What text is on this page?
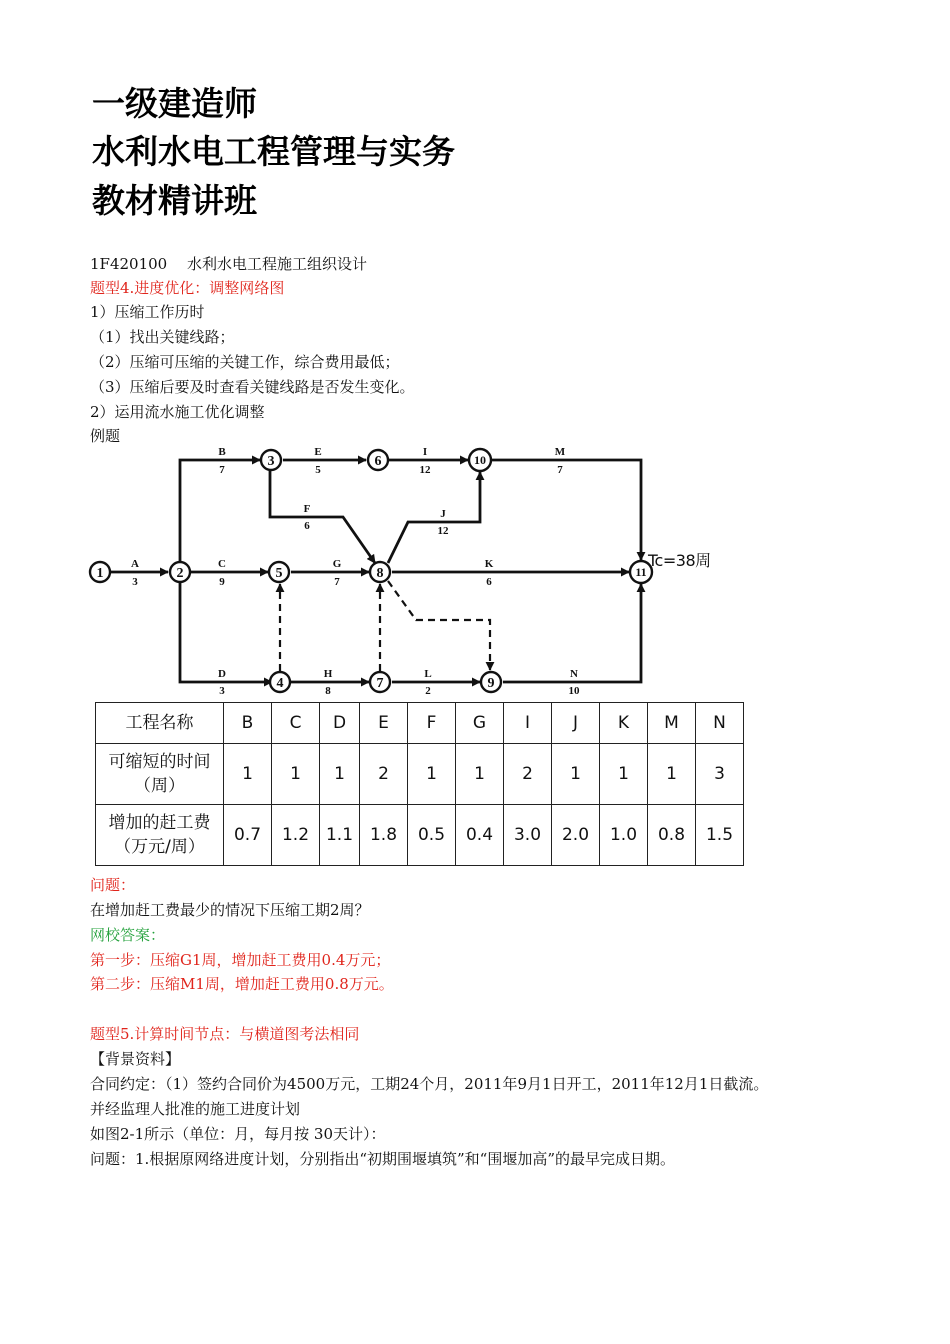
一级建造师

水利水电工程管理与实务

教材精讲班

1F420100　 水利水电工程施工组织设计

题型4.进度优化：调整网络图

1）压缩工作历时

（1）找出关键线路；

（2）压缩可压缩的关键工作，综合费用最低；

（3）压缩后要及时查看关键线路是否发生变化。

2）运用流水施工优化调整

例题

1	2
3
4
5
6
7
8
9
10
11
A
3
B
7
C
9
D
3
E
5
F
6
G
7
H
8
I
12
J
12
K
6
L
2
M
7
N
10
Tc=38周
工程名称	B	C	D	E	F	G	I	J	K	M	N
可缩短的时间
（周）	1	1	1	2	1	1	2	1	1	1	3
增加的赶工费
（万元/周）	0.7	1.2	1.1	1.8	0.5	0.4	3.0	2.0	1.0	0.8	1.5

问题：

在增加赶工费最少的情况下压缩工期2周？

网校答案：

第一步：压缩G1周，增加赶工费用0.4万元；

第二步：压缩M1周，增加赶工费用0.8万元。

题型5.计算时间节点：与横道图考法相同

【背景资料】

合同约定：（1）签约合同价为4500万元，工期24个月，2011年9月1日开工，2011年12月1日截流。

并经监理人批准的施工进度计划

如图2-1所示（单位：月，每月按 30天计）：

问题：1.根据原网络进度计划，分别指出“初期围堰填筑”和“围堰加高”的最早完成日期。
